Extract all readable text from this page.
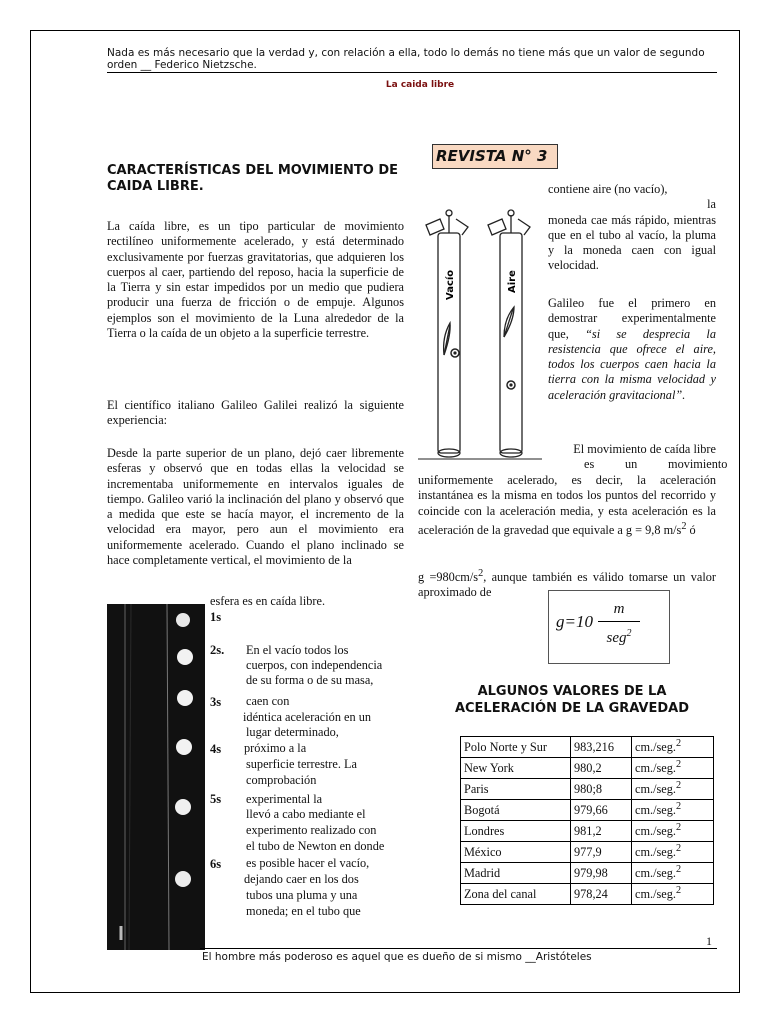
Nada es más necesario que la verdad y, con relación a ella, todo lo demás no tiene más que un valor de segundo orden __ Federico Nietzsche.
La caida libre
REVISTA N° 3
CARACTERÍSTICAS DEL MOVIMIENTO DE CAIDA LIBRE.
La caída libre, es un tipo particular de movimiento rectilíneo uniformemente acelerado, y está determinado exclusivamente por fuerzas gravitatorias, que adquieren los cuerpos al caer, partiendo del reposo, hacia la superficie de la Tierra y sin estar impedidos por un medio que pudiera producir una fuerza de fricción o de empuje. Algunos ejemplos son el movimiento de la Luna alrededor de la Tierra o la caída de un objeto a la superficie terrestre.
El científico italiano Galileo Galilei realizó la siguiente experiencia:
Desde la parte superior de un plano, dejó caer libremente esferas y observó que en todas ellas la velocidad se incrementaba uniformemente en intervalos iguales de tiempo. Galileo varió la inclinación del plano y observó que a medida que este se hacía mayor, el incremento de la velocidad era mayor, pero aun el movimiento era uniformemente acelerado. Cuando el plano inclinado se hace completamente vertical, el movimiento de la
esfera es en caída libre.
1s
2s.
3s
4s
5s
6s
En el vacío todos los
cuerpos, con independencia
de su forma o de su masa,
caen con
idéntica aceleración en un
lugar determinado,
próximo a la
superficie terrestre. La
comprobación
experimental la
llevó a cabo mediante el
experimento realizado con
el tubo de Newton en donde
es posible hacer el vacío,
dejando caer en los dos
tubos una pluma y una
moneda; en el tubo que
Vacío	Aire
contiene aire (no vacío),
la
moneda cae más rápido, mientras que en el tubo al vacío, la pluma y la moneda caen con igual velocidad.
Galileo fue el primero en demostrar experimentalmente que, “si se desprecia la resistencia que ofrece el aire, todos los cuerpos caen hacia la tierra con la misma velocidad y aceleración gravitacional”.
El movimiento de caída libre
es          un          movimiento
uniformemente acelerado, es decir, la aceleración instantánea es la misma en todos los puntos del recorrido y coincide con la aceleración media, y esta aceleración es la aceleración de la gravedad que equivale a g = 9,8 $m/s^2$ ó
$g =980cm/s^2$, aunque también es válido tomarse un valor aproximado de
g=10
m
seg$^2$
ALGUNOS VALORES DE LA ACELERACIÓN DE LA GRAVEDAD
Polo Norte y Sur	983,216	cm./seg.$^2$
New York	980,2	cm./seg.$^2$
Paris	980;8	cm./seg.$^2$
Bogotá	979,66	cm./seg.$^2$
Londres	981,2	cm./seg.$^2$
México	977,9	cm./seg.$^2$
Madrid	979,98	cm./seg.$^2$
Zona del canal	978,24	cm./seg.$^2$
1
El hombre más poderoso es aquel que es dueño de si mismo __Aristóteles
